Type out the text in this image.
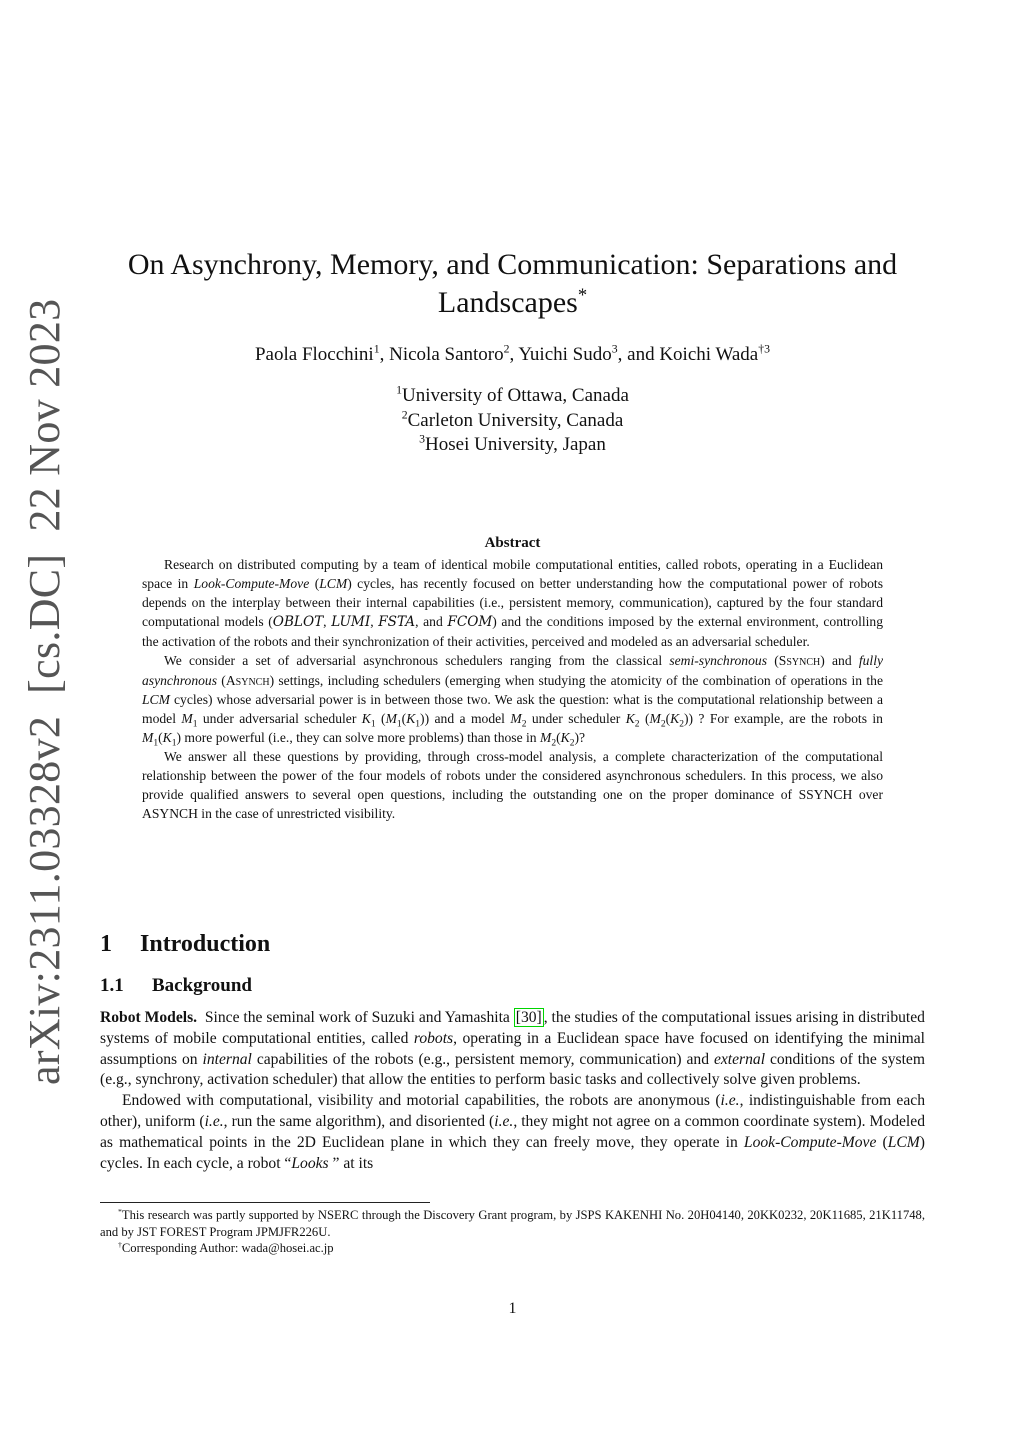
arXiv:2311.03328v2[cs.DC]22 Nov 2023
On Asynchrony, Memory, and Communication: Separations and
Landscapes*
Paola Flocchini$^1$, Nicola Santoro$^2$, Yuichi Sudo$^3$, and Koichi Wada$^{\dagger 3}$
$^1$University of Ottawa, Canada
$^2$Carleton University, Canada
$^3$Hosei University, Japan
Abstract

Research on distributed computing by a team of identical mobile computational entities, called robots, operating in a Euclidean space in Look-Compute-Move (LCM) cycles, has recently focused on better understanding how the computational power of robots depends on the interplay between their internal capabilities (i.e., persistent memory, communication), captured by the four standard computational models (OBLOT, LUMI, FSTA, and FCOM) and the conditions imposed by the external environment, controlling the activation of the robots and their synchronization of their activities, perceived and modeled as an adversarial scheduler.

We consider a set of adversarial asynchronous schedulers ranging from the classical semi-synchronous (Ssynch) and fully asynchronous (Asynch) settings, including schedulers (emerging when studying the atomicity of the combination of operations in the LCM cycles) whose adversarial power is in between those two. We ask the question: what is the computational relationship between a model $M_1$ under adversarial scheduler $K_1$ $(M_1(K_1))$ and a model $M_2$ under scheduler $K_2$ $(M_2(K_2))$ ? For example, are the robots in $M_1(K_1)$ more powerful (i.e., they can solve more problems) than those in $M_2(K_2)$?

We answer all these questions by providing, through cross-model analysis, a complete characterization of the computational relationship between the power of the four models of robots under the considered asynchronous schedulers. In this process, we also provide qualified answers to several open questions, including the outstanding one on the proper dominance of SSYNCH over ASYNCH in the case of unrestricted visibility.

1 Introduction
1.1 Background

Robot Models.  Since the seminal work of Suzuki and Yamashita [30] , the studies of the computational issues arising in distributed systems of mobile computational entities, called robots, operating in a Euclidean space have focused on identifying the minimal assumptions on internal capabilities of the robots (e.g., persistent memory, communication) and external conditions of the system (e.g., synchrony, activation scheduler) that allow the entities to perform basic tasks and collectively solve given problems.

Endowed with computational, visibility and motorial capabilities, the robots are anonymous (i.e., indistinguishable from each other), uniform (i.e., run the same algorithm), and disoriented (i.e., they might not agree on a common coordinate system). Modeled as mathematical points in the 2D Euclidean plane in which they can freely move, they operate in Look-Compute-Move (LCM) cycles. In each cycle, a robot “Looks ” at its

*This research was partly supported by NSERC through the Discovery Grant program, by JSPS KAKENHI No. 20H04140, 20KK0232, 20K11685, 21K11748, and by JST FOREST Program JPMJFR226U.

†Corresponding Author: wada@hosei.ac.jp

1
